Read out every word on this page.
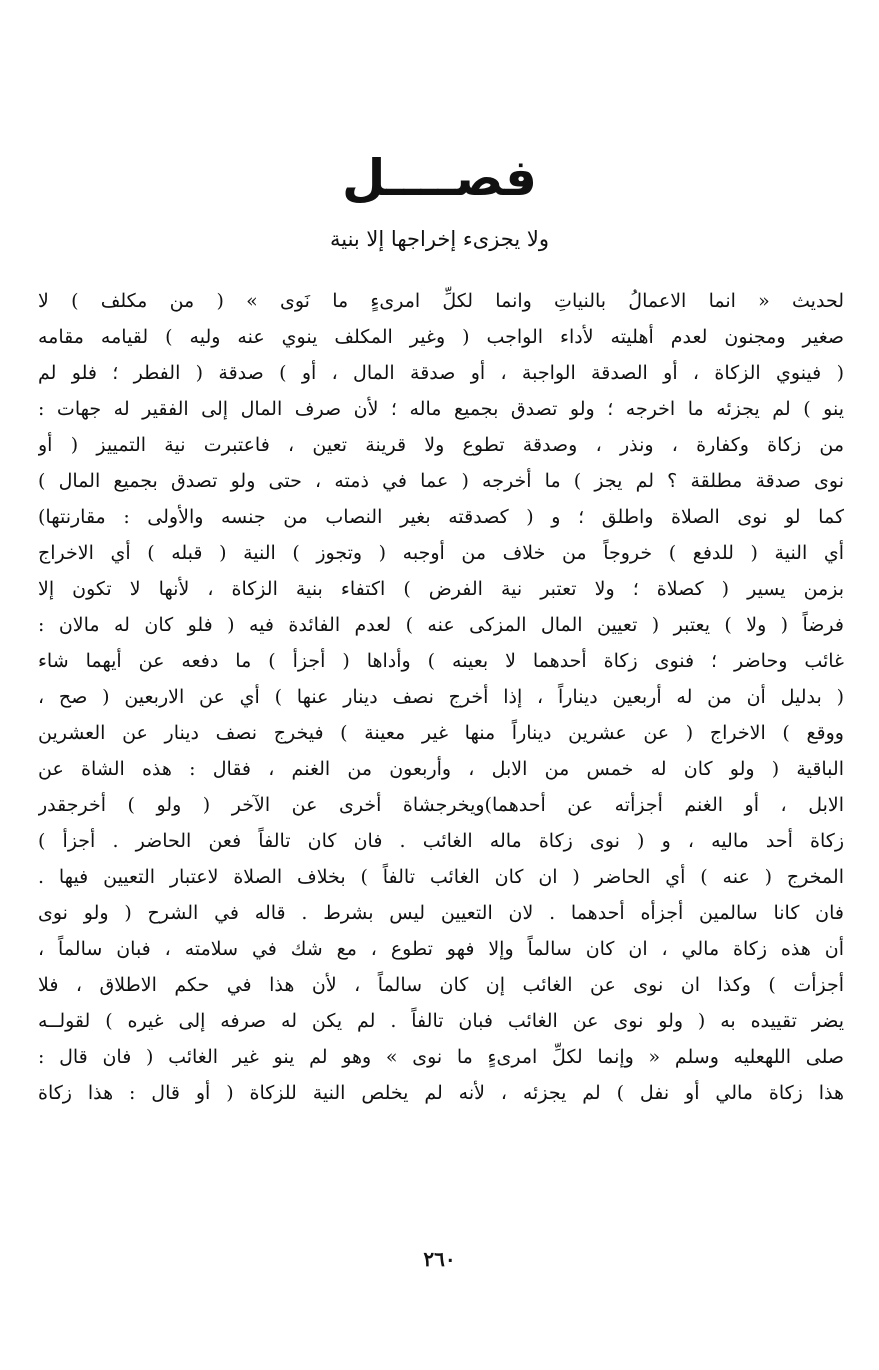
فصــــل
ولا يجزىء إخراجها إلا بنية
لحديث « انما الاعمالُ بالنياتِ وانما لكلِّ امرىءٍ ما نَوى » ( من مكلف ) لا
صغير ومجنون لعدم أهليته لأداء الواجب ( وغير المكلف ينوي عنه وليه ) لقيامه مقامه
( فينوي الزكاة ، أو الصدقة الواجبة ، أو صدقة المال ، أو ) صدقة ( الفطر ؛ فلو لم
ينو ) لم يجزئه ما اخرجه ؛ ولو تصدق بجميع ماله ؛ لأن صرف المال إلى الفقير له جهات :
من زكاة وكفارة ، ونذر ، وصدقة تطوع ولا قرينة تعين ، فاعتبرت نية التمييز ( أو
نوى صدقة مطلقة ؟ لم يجز ) ما أخرجه ( عما في ذمته ، حتى ولو تصدق بجميع المال )
كما لو نوى الصلاة واطلق ؛ و ( كصدقته بغير النصاب من جنسه والأولى : مقارنتها)
أي النية ( للدفع ) خروجاً من خلاف من أوجبه ( وتجوز ) النية ( قبله ) أي الاخراج
بزمن يسير ( كصلاة ؛ ولا تعتبر نية الفرض ) اكتفاء بنية الزكاة ، لأنها لا تكون إلا
فرضاً ( ولا ) يعتبر ( تعيين المال المزكى عنه ) لعدم الفائدة فيه ( فلو كان له مالان :
غائب وحاضر ؛ فنوى زكاة أحدهما لا بعينه ) وأداها ( أجزأ ) ما دفعه عن أيهما شاء
( بدليل أن من له أربعين ديناراً ، إذا أخرج نصف دينار عنها ) أي عن الاربعين ( صح ،
ووقع ) الاخراج ( عن عشرين ديناراً منها غير معينة ) فيخرج نصف دينار عن العشرين
الباقية ( ولو كان له خمس من الابل ، وأربعون من الغنم ، فقال : هذه الشاة عن
الابل ، أو الغنم أجزأته عن أحدهما)ويخرجشاة أخرى عن الآخر ( ولو ) أخرجقدر
زكاة أحد ماليه ، و ( نوى زكاة ماله الغائب . فان كان تالفاً فعن الحاضر . أجزأ )
المخرج ( عنه ) أي الحاضر ( ان كان الغائب تالفاً ) بخلاف الصلاة لاعتبار التعيين فيها .
فان كانا سالمين أجزأه أحدهما . لان التعيين ليس بشرط . قاله في الشرح ( ولو نوى
أن هذه زكاة مالي ، ان كان سالماً وإلا فهو تطوع ، مع شك في سلامته ، فبان سالماً ،
أجزأت ) وكذا ان نوى عن الغائب إن كان سالماً ، لأن هذا في حكم الاطلاق ، فلا
يضر تقييده به ( ولو نوى عن الغائب فبان تالفاً . لم يكن له صرفه إلى غيره ) لقولــه
صلى اللهعليه وسلم « وإنما لكلِّ امرىءٍ ما نوى » وهو لم ينو غير الغائب ( فان قال :
هذا زكاة مالي أو نفل ) لم يجزئه ، لأنه لم يخلص النية للزكاة ( أو قال : هذا زكاة
٢٦٠
